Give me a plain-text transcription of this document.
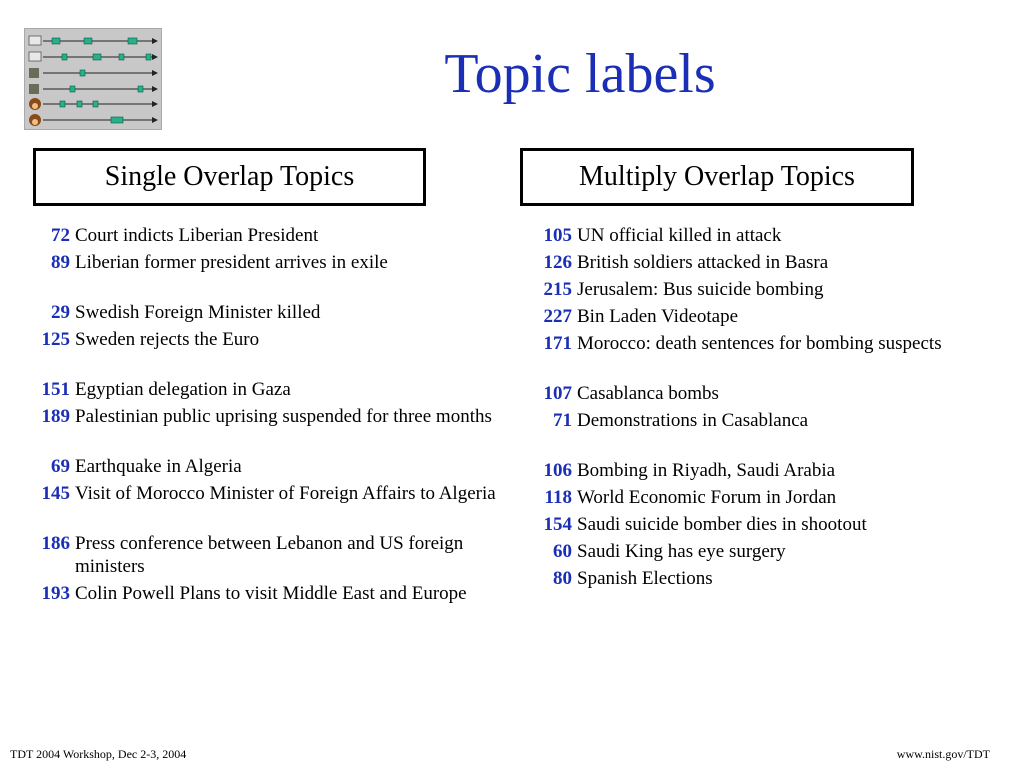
Topic labels
Single Overlap Topics	Multiply Overlap Topics
72 Court indicts Liberian President
89 Liberian former president arrives in exile
29 Swedish Foreign Minister killed
125 Sweden rejects the Euro
151 Egyptian delegation in Gaza
189 Palestinian public uprising suspended for three months
69 Earthquake in Algeria
145 Visit of Morocco Minister of Foreign Affairs to Algeria
186 Press conference between Lebanon and US foreign ministers
193 Colin Powell Plans to visit Middle East and Europe
105 UN official killed in attack
126 British soldiers attacked in Basra
215 Jerusalem: Bus suicide bombing
227 Bin Laden Videotape
171 Morocco: death sentences for bombing suspects
107 Casablanca bombs
71 Demonstrations in Casablanca
106 Bombing in Riyadh, Saudi Arabia
118 World Economic Forum in Jordan
154 Saudi suicide bomber dies in shootout
60 Saudi King has eye surgery
80 Spanish Elections
TDT 2004 Workshop, Dec 2-3, 2004	www.nist.gov/TDT
